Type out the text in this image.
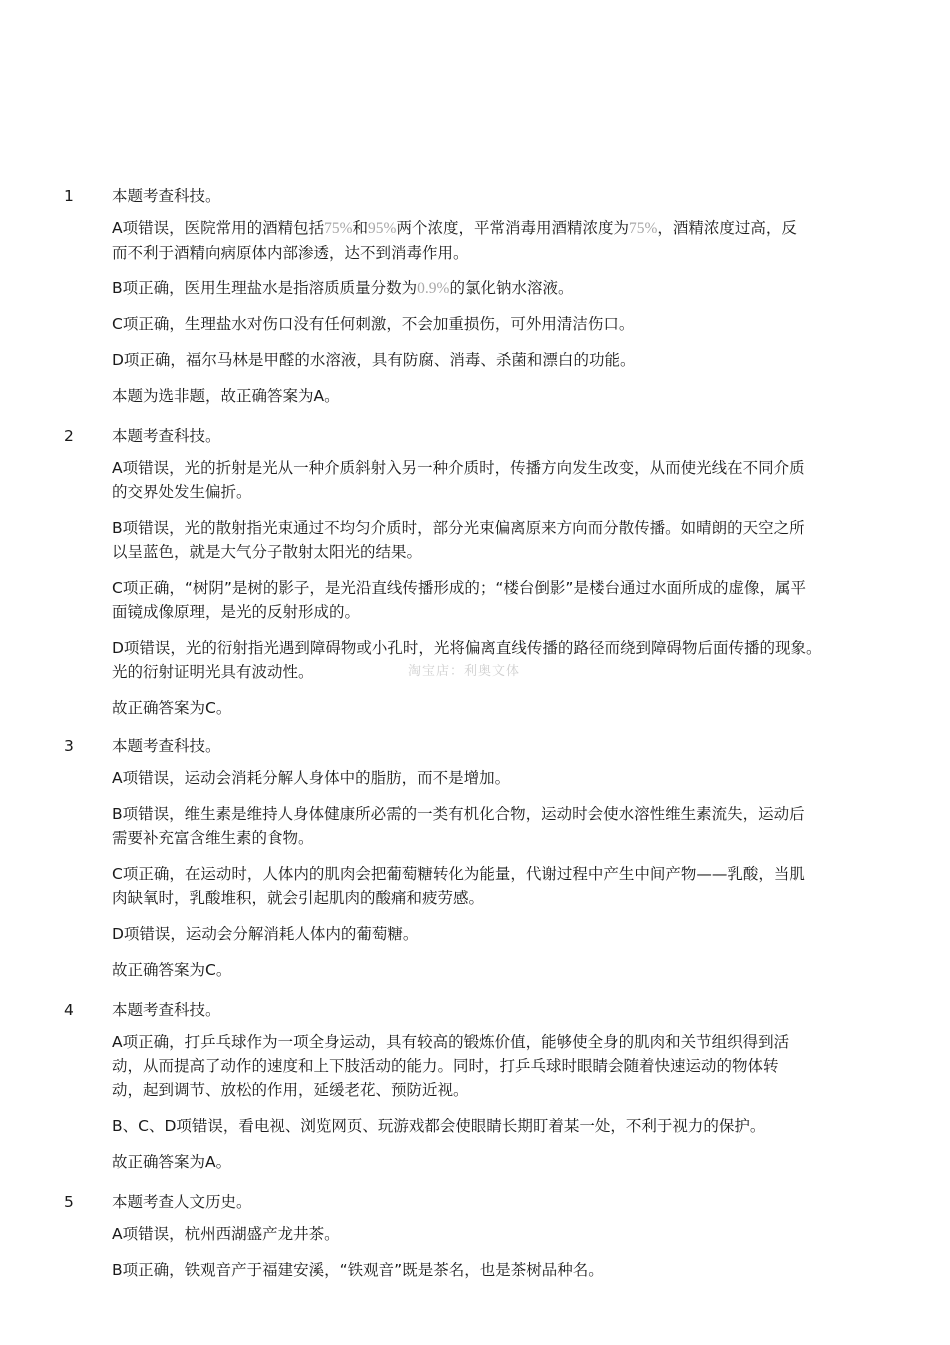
淘宝店：利奥文体
1 本题考查科技。
A项错误，医院常用的酒精包括75%和95%两个浓度，平常消毒用酒精浓度为75%，酒精浓度过高，反
而不利于酒精向病原体内部渗透，达不到消毒作用。
B项正确，医用生理盐水是指溶质质量分数为0.9%的氯化钠水溶液。
C项正确，生理盐水对伤口没有任何刺激，不会加重损伤，可外用清洁伤口。
D项正确，福尔马林是甲醛的水溶液，具有防腐、消毒、杀菌和漂白的功能。
本题为选非题，故正确答案为A。
2 本题考查科技。
A项错误，光的折射是光从一种介质斜射入另一种介质时，传播方向发生改变，从而使光线在不同介质
的交界处发生偏折。
B项错误，光的散射指光束通过不均匀介质时，部分光束偏离原来方向而分散传播。如晴朗的天空之所
以呈蓝色，就是大气分子散射太阳光的结果。
C项正确，“树阴”是树的影子，是光沿直线传播形成的；“楼台倒影”是楼台通过水面所成的虚像，属平
面镜成像原理，是光的反射形成的。
D项错误，光的衍射指光遇到障碍物或小孔时，光将偏离直线传播的路径而绕到障碍物后面传播的现象。
光的衍射证明光具有波动性。
故正确答案为C。
3 本题考查科技。
A项错误，运动会消耗分解人身体中的脂肪，而不是增加。
B项错误，维生素是维持人身体健康所必需的一类有机化合物，运动时会使水溶性维生素流失，运动后
需要补充富含维生素的食物。
C项正确，在运动时，人体内的肌肉会把葡萄糖转化为能量，代谢过程中产生中间产物——乳酸，当肌
肉缺氧时，乳酸堆积，就会引起肌肉的酸痛和疲劳感。
D项错误，运动会分解消耗人体内的葡萄糖。
故正确答案为C。
4 本题考查科技。
A项正确，打乒乓球作为一项全身运动，具有较高的锻炼价值，能够使全身的肌肉和关节组织得到活
动，从而提高了动作的速度和上下肢活动的能力。同时，打乒乓球时眼睛会随着快速运动的物体转
动，起到调节、放松的作用，延缓老花、预防近视。
B、C、D项错误，看电视、浏览网页、玩游戏都会使眼睛长期盯着某一处，不利于视力的保护。
故正确答案为A。
5 本题考查人文历史。
A项错误，杭州西湖盛产龙井茶。
B项正确，铁观音产于福建安溪，“铁观音”既是茶名，也是茶树品种名。
